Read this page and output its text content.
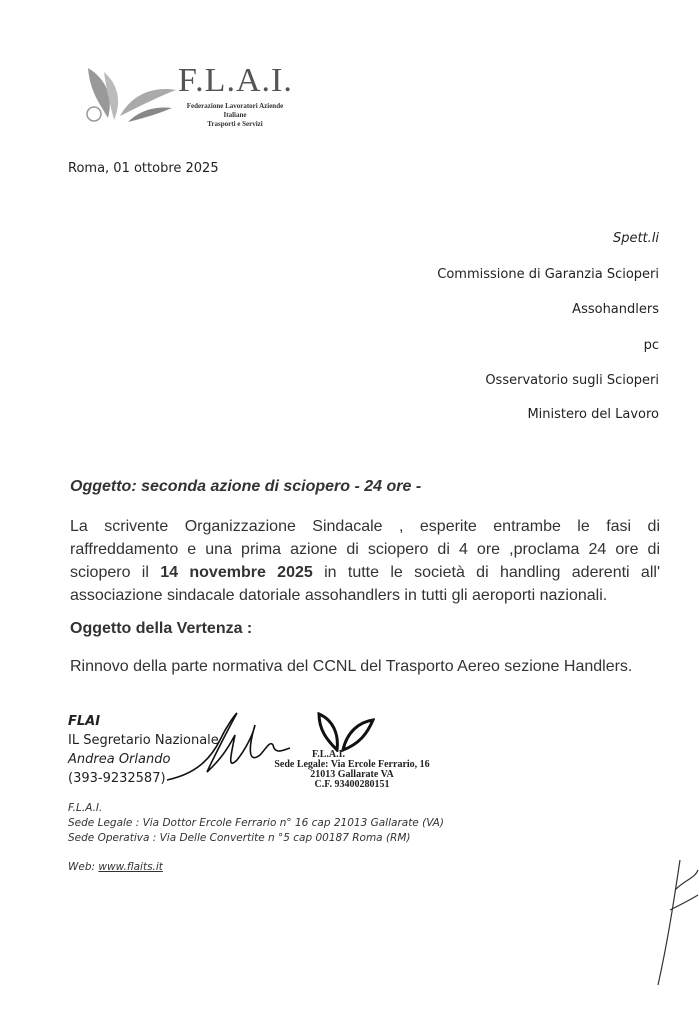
F.L.A.I.
Federazione Lavoratori Aziende Italiane
Trasporti e Servizi
Roma, 01 ottobre 2025
Spett.li
Commissione di Garanzia Scioperi
Assohandlers
pc
Osservatorio sugli Scioperi
Ministero del Lavoro
Oggetto: seconda azione di sciopero - 24 ore -
La scrivente Organizzazione Sindacale , esperite entrambe le fasi di
raffreddamento e una prima azione di sciopero di 4 ore ,proclama 24 ore di
sciopero il 14 novembre 2025 in tutte le società di handling aderenti all'
associazione sindacale datoriale assohandlers in tutti gli aeroporti nazionali.
Oggetto della Vertenza :
Rinnovo della parte normativa del CCNL del Trasporto Aereo sezione Handlers.
FLAI
IL Segretario Nazionale
Andrea Orlando
(393-9232587)
F.L.A.I.
Sede Legale: Via Ercole Ferrario, 16
21013 Gallarate VA
C.F. 93400280151
F.L.A.I.
Sede Legale : Via Dottor Ercole Ferrario n° 16 cap 21013 Gallarate (VA)
Sede Operativa : Via Delle Convertite n °5 cap 00187 Roma (RM)
Web: www.flaits.it
